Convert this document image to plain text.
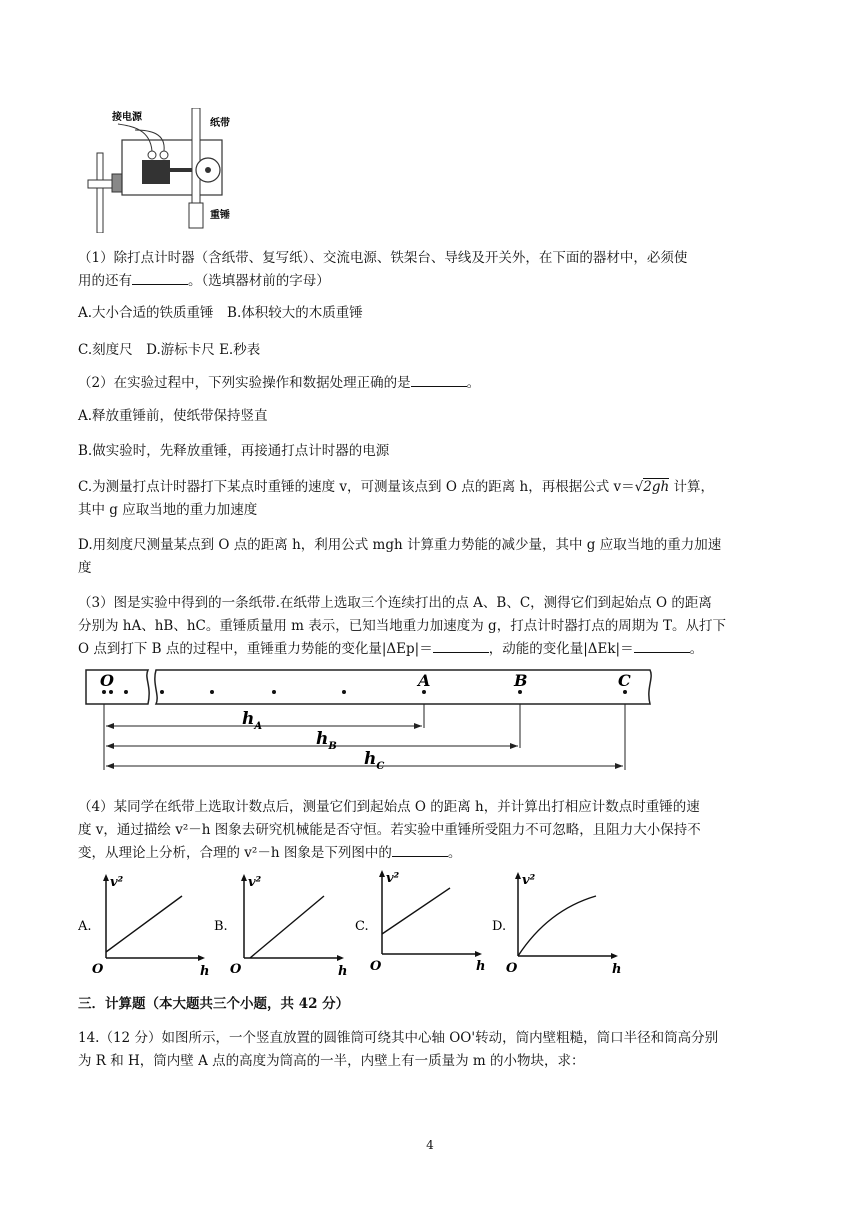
接电源
纸带
重锤

（1）除打点计时器（含纸带、复写纸）、交流电源、铁架台、导线及开关外，在下面的器材中，必须使
用的还有	。（选填器材前的字母）

A.大小合适的铁质重锤　B.体积较大的木质重锤

C.刻度尺　D.游标卡尺 E.秒表

（2）在实验过程中，下列实验操作和数据处理正确的是	。

A.释放重锤前，使纸带保持竖直

B.做实验时，先释放重锤，再接通打点计时器的电源

C.为测量打点计时器打下某点时重锤的速度 v，可测量该点到 O 点的距离 h，再根据公式 v＝√2gh 计算，
其中 g 应取当地的重力加速度

D.用刻度尺测量某点到 O 点的距离 h，利用公式 mgh 计算重力势能的减少量，其中 g 应取当地的重力加速
度

（3）图是实验中得到的一条纸带.在纸带上选取三个连续打出的点 A、B、C，测得它们到起始点 O 的距离
分别为 hA、hB、hC。重锤质量用 m 表示，已知当地重力加速度为 g，打点计时器打点的周期为 T。从打下
O 点到打下 B 点的过程中，重锤重力势能的变化量|ΔEp|＝	，动能的变化量|ΔEk|＝	。

O	A	B	C
$h_A$
$h_B$
$h_C$

（4）某同学在纸带上选取计数点后，测量它们到起始点 O 的距离 h，并计算出打相应计数点时重锤的速
度 v，通过描绘 v²－h 图象去研究机械能是否守恒。若实验中重锤所受阻力不可忽略，且阻力大小保持不
变，从理论上分析，合理的 v²－h 图象是下列图中的	。

A.
v²
O	h
B.
v²
O	h
C.
v²
O	h
D.
v²
O	h

三．计算题（本大题共三个小题，共 42 分）

14.（12 分）如图所示，一个竖直放置的圆锥筒可绕其中心轴 OO'转动，筒内壁粗糙，筒口半径和筒高分别
为 R 和 H，筒内壁 A 点的高度为筒高的一半，内壁上有一质量为 m 的小物块，求：

4
